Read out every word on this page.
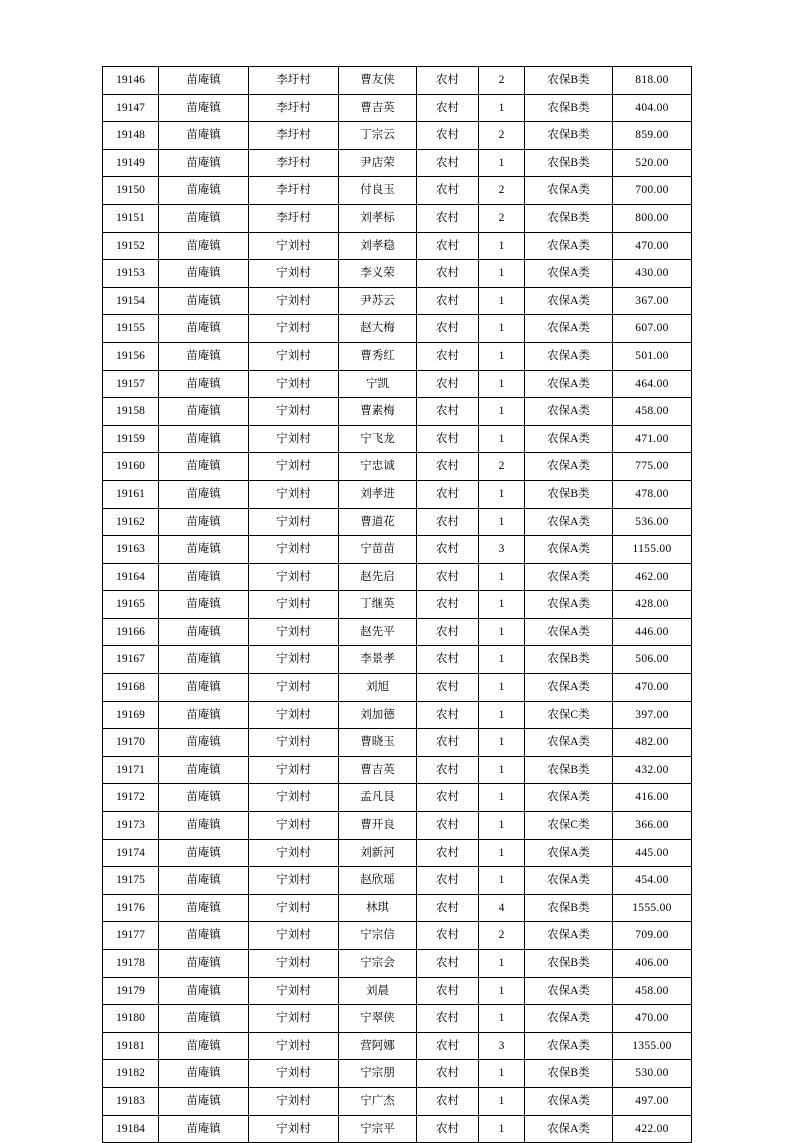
19146	苗庵镇	李圩村	曹友侠	农村	2	农保B类	818.00
19147	苗庵镇	李圩村	曹吉英	农村	1	农保B类	404.00
19148	苗庵镇	李圩村	丁宗云	农村	2	农保B类	859.00
19149	苗庵镇	李圩村	尹店荣	农村	1	农保B类	520.00
19150	苗庵镇	李圩村	付良玉	农村	2	农保A类	700.00
19151	苗庵镇	李圩村	刘孝标	农村	2	农保B类	800.00
19152	苗庵镇	宁刘村	刘孝稳	农村	1	农保A类	470.00
19153	苗庵镇	宁刘村	李义荣	农村	1	农保A类	430.00
19154	苗庵镇	宁刘村	尹苏云	农村	1	农保A类	367.00
19155	苗庵镇	宁刘村	赵大梅	农村	1	农保A类	607.00
19156	苗庵镇	宁刘村	曹秀红	农村	1	农保A类	501.00
19157	苗庵镇	宁刘村	宁凯	农村	1	农保A类	464.00
19158	苗庵镇	宁刘村	曹素梅	农村	1	农保A类	458.00
19159	苗庵镇	宁刘村	宁飞龙	农村	1	农保A类	471.00
19160	苗庵镇	宁刘村	宁忠诚	农村	2	农保A类	775.00
19161	苗庵镇	宁刘村	刘孝进	农村	1	农保B类	478.00
19162	苗庵镇	宁刘村	曹道花	农村	1	农保A类	536.00
19163	苗庵镇	宁刘村	宁苗苗	农村	3	农保A类	1155.00
19164	苗庵镇	宁刘村	赵先启	农村	1	农保A类	462.00
19165	苗庵镇	宁刘村	丁继英	农村	1	农保A类	428.00
19166	苗庵镇	宁刘村	赵先平	农村	1	农保A类	446.00
19167	苗庵镇	宁刘村	李景孝	农村	1	农保B类	506.00
19168	苗庵镇	宁刘村	刘旭	农村	1	农保A类	470.00
19169	苗庵镇	宁刘村	刘加德	农村	1	农保C类	397.00
19170	苗庵镇	宁刘村	曹晓玉	农村	1	农保A类	482.00
19171	苗庵镇	宁刘村	曹吉英	农村	1	农保B类	432.00
19172	苗庵镇	宁刘村	孟凡艮	农村	1	农保A类	416.00
19173	苗庵镇	宁刘村	曹开良	农村	1	农保C类	366.00
19174	苗庵镇	宁刘村	刘新河	农村	1	农保A类	445.00
19175	苗庵镇	宁刘村	赵欣瑶	农村	1	农保A类	454.00
19176	苗庵镇	宁刘村	林琪	农村	4	农保B类	1555.00
19177	苗庵镇	宁刘村	宁宗信	农村	2	农保A类	709.00
19178	苗庵镇	宁刘村	宁宗会	农村	1	农保B类	406.00
19179	苗庵镇	宁刘村	刘晨	农村	1	农保A类	458.00
19180	苗庵镇	宁刘村	宁翠侠	农村	1	农保A类	470.00
19181	苗庵镇	宁刘村	营阿娜	农村	3	农保A类	1355.00
19182	苗庵镇	宁刘村	宁宗朋	农村	1	农保B类	530.00
19183	苗庵镇	宁刘村	宁广杰	农村	1	农保A类	497.00
19184	苗庵镇	宁刘村	宁宗平	农村	1	农保A类	422.00
